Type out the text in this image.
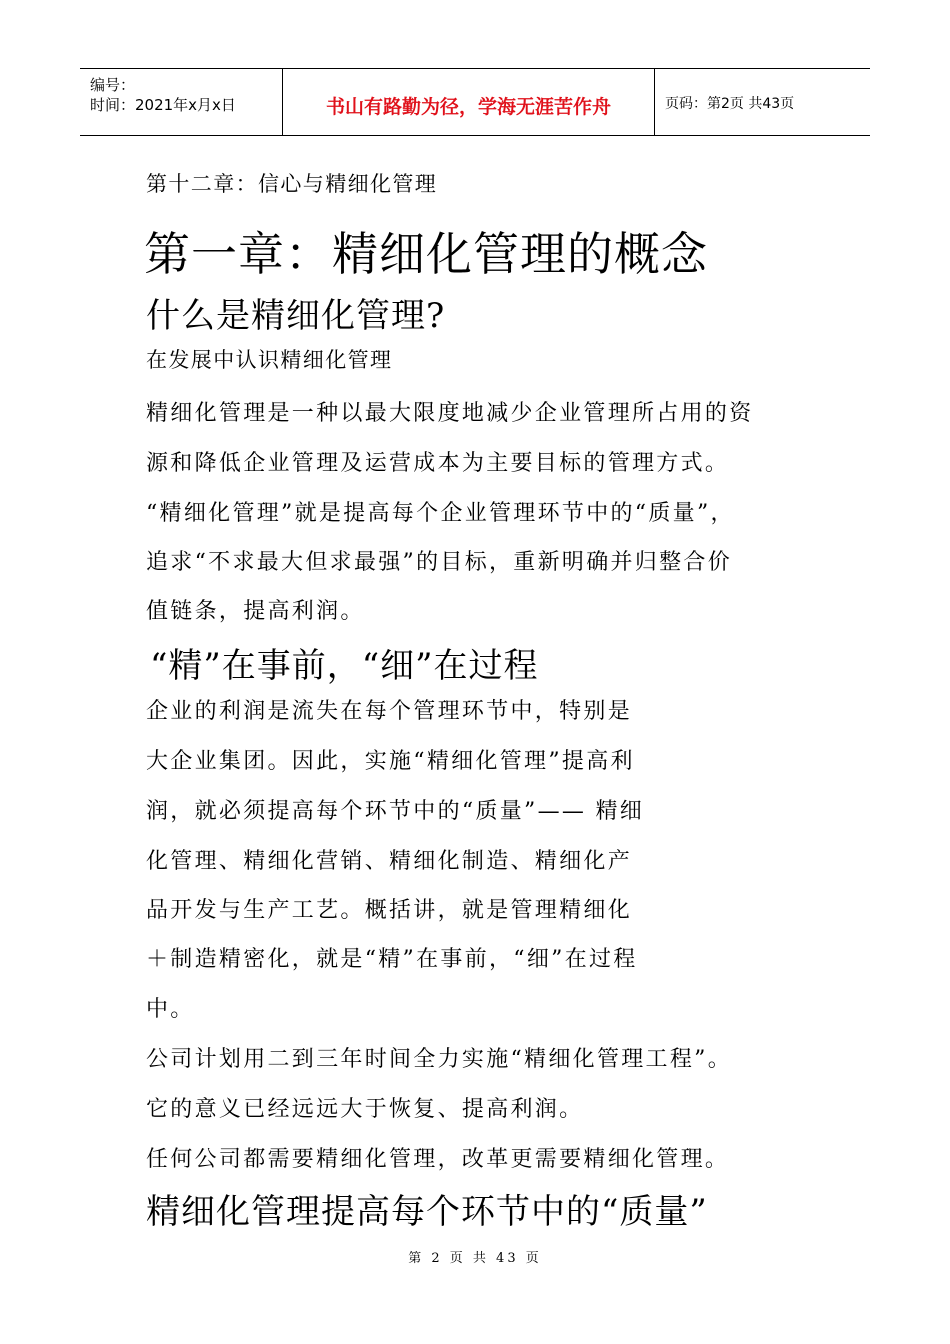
编号：
时间：2021年x月x日	书山有路勤为径，学海无涯苦作舟	页码：第2页 共43页
第十二章：信心与精细化管理
第一章：精细化管理的概念
什么是精细化管理?
在发展中认识精细化管理
精细化管理是一种以最大限度地减少企业管理所占用的资
源和降低企业管理及运营成本为主要目标的管理方式。
“精细化管理”就是提高每个企业管理环节中的“质量”，
追求“不求最大但求最强”的目标，重新明确并归整合价
值链条，提高利润。
“精”在事前，“细”在过程
企业的利润是流失在每个管理环节中，特别是
大企业集团。因此，实施“精细化管理”提高利
润，就必须提高每个环节中的“质量”—— 精细
化管理、精细化营销、精细化制造、精细化产
品开发与生产工艺。概括讲，就是管理精细化
＋制造精密化，就是“精”在事前，“细”在过程
中。
公司计划用二到三年时间全力实施“精细化管理工程”。
它的意义已经远远大于恢复、提高利润。
任何公司都需要精细化管理，改革更需要精细化管理。
精细化管理提高每个环节中的“质量”
第 2 页 共 43 页
